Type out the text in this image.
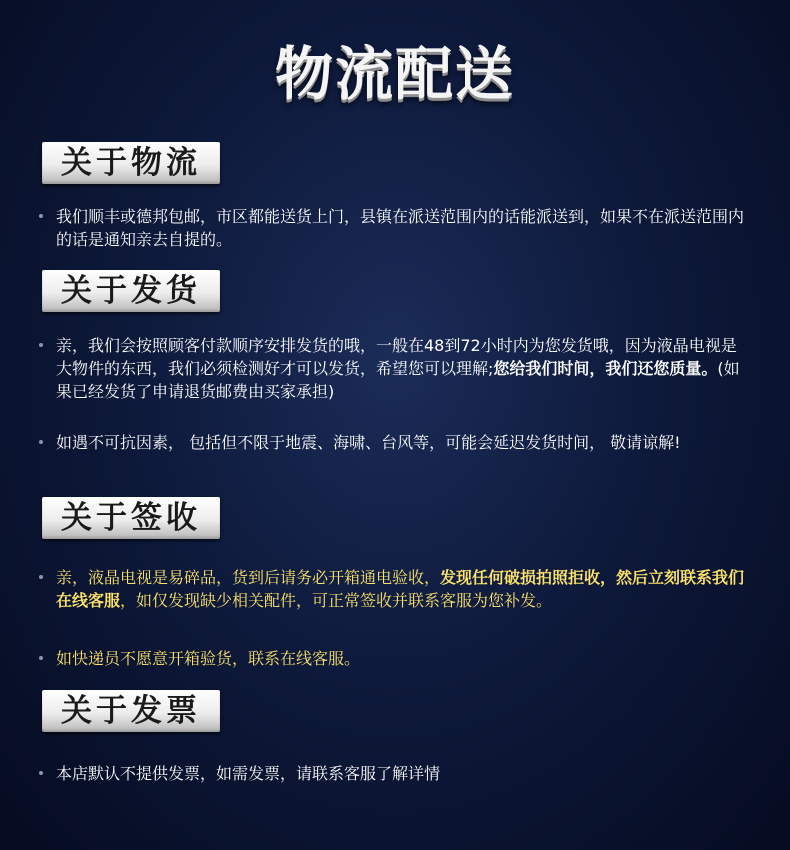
物流配送
关于物流
我们顺丰或德邦包邮，市区都能送货上门，县镇在派送范围内的话能派送到，如果不在派送范围内的话是通知亲去自提的。
关于发货
亲，我们会按照顾客付款顺序安排发货的哦，一般在48到72小时内为您发货哦，因为液晶电视是大物件的东西，我们必须检测好才可以发货，希望您可以理解;您给我们时间，我们还您质量。(如果已经发货了申请退货邮费由买家承担)
如遇不可抗因素， 包括但不限于地震、海啸、台风等，可能会延迟发货时间， 敬请谅解!
关于签收
亲，液晶电视是易碎品，货到后请务必开箱通电验收，发现任何破损拍照拒收，然后立刻联系我们在线客服，如仅发现缺少相关配件，可正常签收并联系客服为您补发。
如快递员不愿意开箱验货，联系在线客服。
关于发票
本店默认不提供发票，如需发票，请联系客服了解详情
